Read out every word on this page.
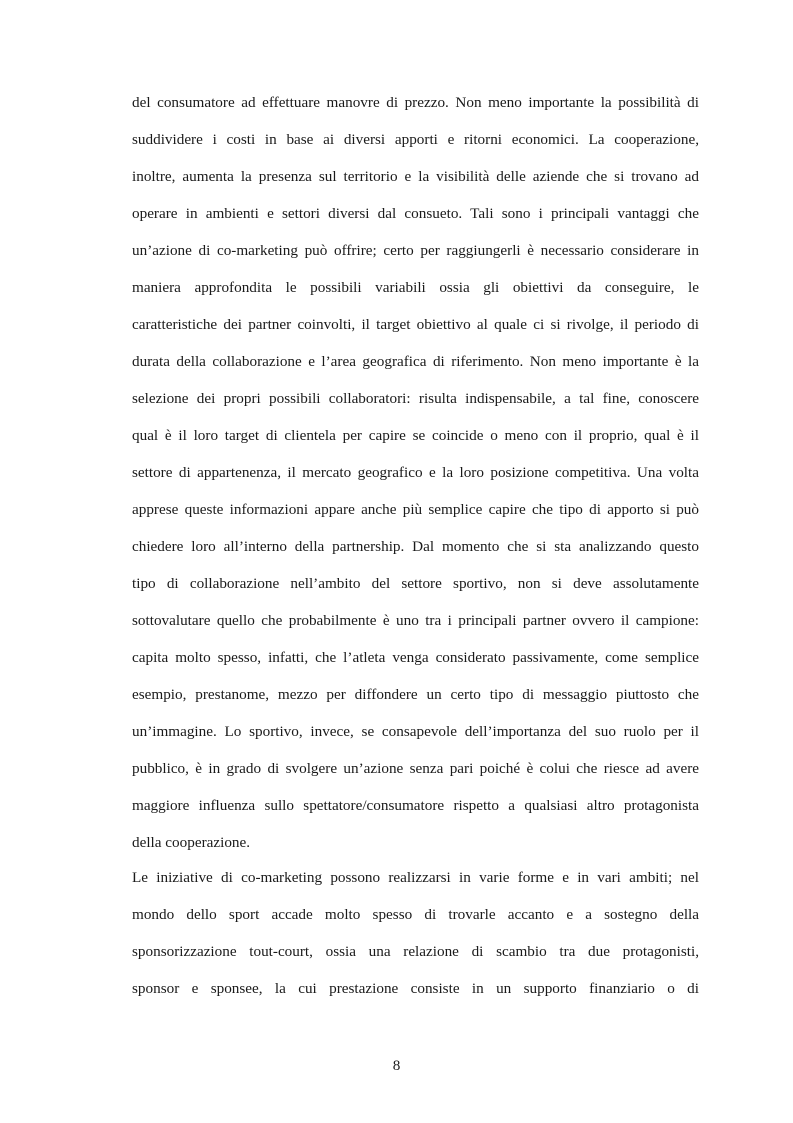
del consumatore ad effettuare manovre di prezzo. Non meno importante la possibilità di
suddividere i costi in base ai diversi apporti e ritorni economici. La cooperazione,
inoltre, aumenta la presenza sul territorio e la visibilità delle aziende che si trovano ad
operare in ambienti e settori diversi dal consueto. Tali sono i principali vantaggi che
un’azione di co-marketing può offrire; certo per raggiungerli è necessario considerare in
maniera approfondita le possibili variabili ossia gli obiettivi da conseguire, le
caratteristiche dei partner coinvolti, il target obiettivo al quale ci si rivolge, il periodo di
durata della collaborazione e l’area geografica di riferimento. Non meno importante è la
selezione dei propri possibili collaboratori: risulta indispensabile, a tal fine, conoscere
qual è il loro target di clientela per capire se coincide o meno con il proprio, qual è il
settore di appartenenza, il mercato geografico e la loro posizione competitiva. Una volta
apprese queste informazioni appare anche più semplice capire che tipo di apporto si può
chiedere loro all’interno della partnership. Dal momento che si sta analizzando questo
tipo di collaborazione nell’ambito del settore sportivo, non si deve assolutamente
sottovalutare quello che probabilmente è uno tra i principali partner ovvero il campione:
capita molto spesso, infatti, che l’atleta venga considerato passivamente, come semplice
esempio, prestanome, mezzo per diffondere un certo tipo di messaggio piuttosto che
un’immagine. Lo sportivo, invece, se consapevole dell’importanza del suo ruolo per il
pubblico, è in grado di svolgere un’azione senza pari poiché è colui che riesce ad avere
maggiore influenza sullo spettatore/consumatore rispetto a qualsiasi altro protagonista
della cooperazione.
Le iniziative di co-marketing possono realizzarsi in varie forme e in vari ambiti; nel
mondo dello sport accade molto spesso di trovarle accanto e a sostegno della
sponsorizzazione tout-court, ossia una relazione di scambio tra due protagonisti,
sponsor e sponsee, la cui prestazione consiste in un supporto finanziario o di
8
